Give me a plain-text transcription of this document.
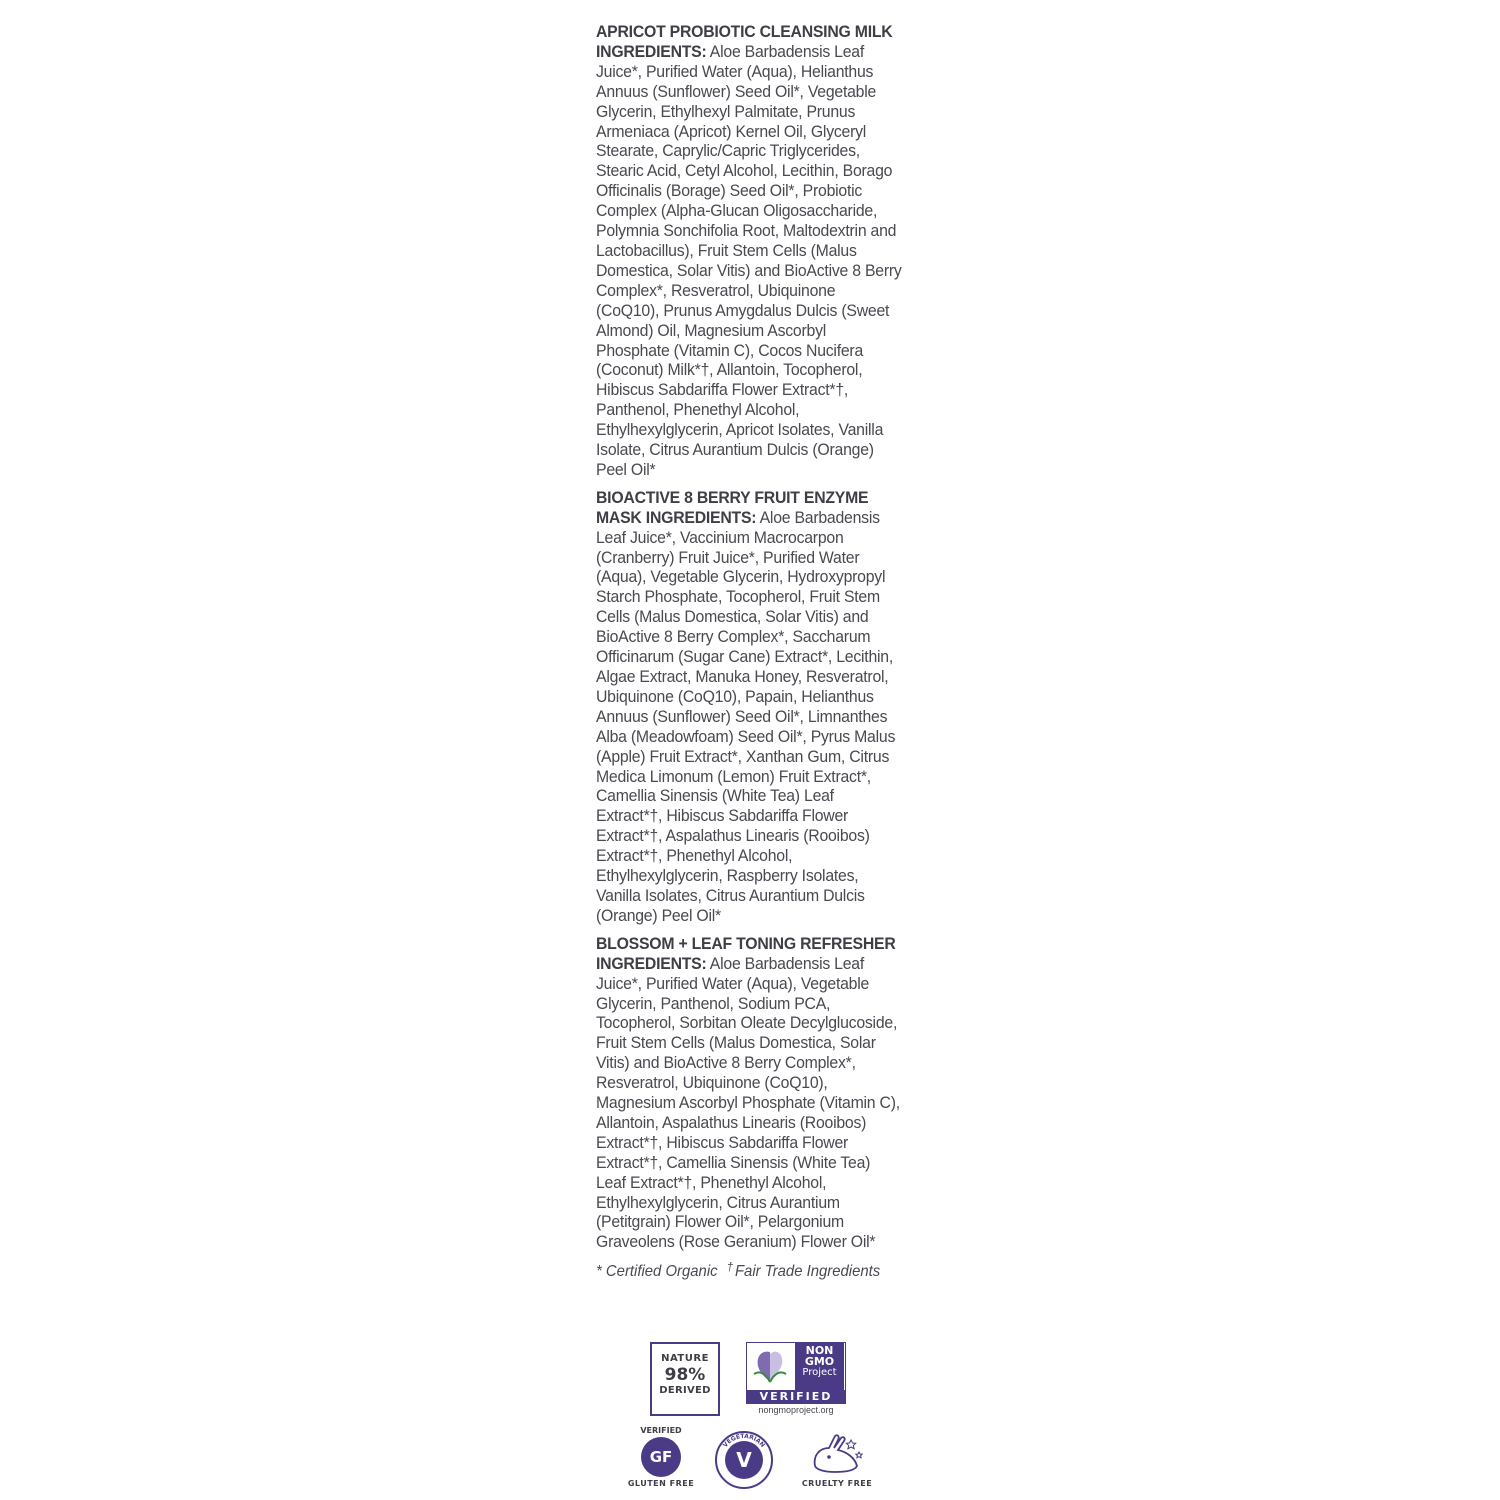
APRICOT PROBIOTIC CLEANSING MILK INGREDIENTS: Aloe Barbadensis Leaf Juice*, Purified Water (Aqua), Helianthus Annuus (Sunflower) Seed Oil*, Vegetable Glycerin, Ethylhexyl Palmitate, Prunus Armeniaca (Apricot) Kernel Oil, Glyceryl Stearate, Caprylic/Capric Triglycerides, Stearic Acid, Cetyl Alcohol, Lecithin, Borago Officinalis (Borage) Seed Oil*, Probiotic Complex (Alpha-Glucan Oligosaccharide, Polymnia Sonchifolia Root, Maltodextrin and Lactobacillus), Fruit Stem Cells (Malus Domestica, Solar Vitis) and BioActive 8 Berry Complex*, Resveratrol, Ubiquinone (CoQ10), Prunus Amygdalus Dulcis (Sweet Almond) Oil, Magnesium Ascorbyl Phosphate (Vitamin C), Cocos Nucifera (Coconut) Milk*†, Allantoin, Tocopherol, Hibiscus Sabdariffa Flower Extract*†, Panthenol, Phenethyl Alcohol, Ethylhexylglycerin, Apricot Isolates, Vanilla Isolate, Citrus Aurantium Dulcis (Orange) Peel Oil*
BIOACTIVE 8 BERRY FRUIT ENZYME MASK INGREDIENTS: Aloe Barbadensis Leaf Juice*, Vaccinium Macrocarpon (Cranberry) Fruit Juice*, Purified Water (Aqua), Vegetable Glycerin, Hydroxypropyl Starch Phosphate, Tocopherol, Fruit Stem Cells (Malus Domestica, Solar Vitis) and BioActive 8 Berry Complex*, Saccharum Officinarum (Sugar Cane) Extract*, Lecithin, Algae Extract, Manuka Honey, Resveratrol, Ubiquinone (CoQ10), Papain, Helianthus Annuus (Sunflower) Seed Oil*, Limnanthes Alba (Meadowfoam) Seed Oil*, Pyrus Malus (Apple) Fruit Extract*, Xanthan Gum, Citrus Medica Limonum (Lemon) Fruit Extract*, Camellia Sinensis (White Tea) Leaf Extract*†, Hibiscus Sabdariffa Flower Extract*†, Aspalathus Linearis (Rooibos) Extract*†, Phenethyl Alcohol, Ethylhexylglycerin, Raspberry Isolates, Vanilla Isolates, Citrus Aurantium Dulcis (Orange) Peel Oil*
BLOSSOM + LEAF TONING REFRESHER INGREDIENTS: Aloe Barbadensis Leaf Juice*, Purified Water (Aqua), Vegetable Glycerin, Panthenol, Sodium PCA, Tocopherol, Sorbitan Oleate Decylglucoside, Fruit Stem Cells (Malus Domestica, Solar Vitis) and BioActive 8 Berry Complex*, Resveratrol, Ubiquinone (CoQ10), Magnesium Ascorbyl Phosphate (Vitamin C), Allantoin, Aspalathus Linearis (Rooibos) Extract*†, Hibiscus Sabdariffa Flower Extract*†, Camellia Sinensis (White Tea) Leaf Extract*†, Phenethyl Alcohol, Ethylhexylglycerin, Citrus Aurantium (Petitgrain) Flower Oil*, Pelargonium Graveolens (Rose Geranium) Flower Oil*
* Certified Organic † Fair Trade Ingredients
NATURE
98%
DERIVED
NON
GMO
Project
VERIFIED
nongmoproject.org
VERIFIED
GF
GLUTEN FREE
V
VEGETARIAN
CRUELTY FREE
